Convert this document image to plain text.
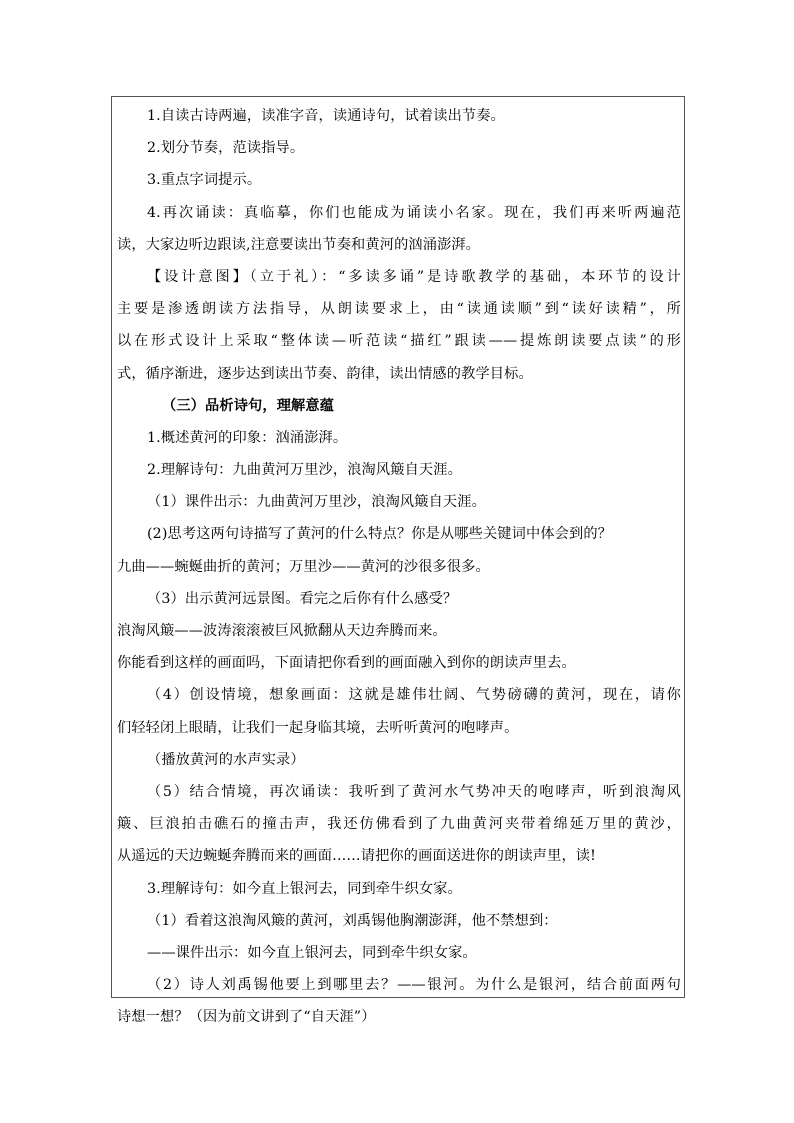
1.自读古诗两遍，读准字音，读通诗句，试着读出节奏。
2.划分节奏，范读指导。
3.重点字词提示。
4.再次诵读：真临摹，你们也能成为诵读小名家。现在，我们再来听两遍范
读，大家边听边跟读,注意要读出节奏和黄河的汹涌澎湃。
【设计意图】（立于礼）：“多读多诵”是诗歌教学的基础，本环节的设计
主要是渗透朗读方法指导，从朗读要求上，由“读通读顺”到“读好读精”，所
以在形式设计上采取“整体读—听范读“描红”跟读——提炼朗读要点读”的形
式，循序渐进，逐步达到读出节奏、韵律，读出情感的教学目标。
（三）品析诗句，理解意蕴
1.概述黄河的印象：汹涌澎湃。
2.理解诗句：九曲黄河万里沙，浪淘风簸自天涯。
（1）课件出示：九曲黄河万里沙，浪淘风簸自天涯。
(2)思考这两句诗描写了黄河的什么特点？你是从哪些关键词中体会到的？
九曲——蜿蜒曲折的黄河；万里沙——黄河的沙很多很多。
（3）出示黄河远景图。看完之后你有什么感受？
浪淘风簸——波涛滚滚被巨风掀翻从天边奔腾而来。
你能看到这样的画面吗，下面请把你看到的画面融入到你的朗读声里去。
（4）创设情境，想象画面：这就是雄伟壮阔、气势磅礴的黄河，现在，请你
们轻轻闭上眼睛，让我们一起身临其境，去听听黄河的咆哮声。
（播放黄河的水声实录）
（5）结合情境，再次诵读：我听到了黄河水气势冲天的咆哮声，听到浪淘风
簸、巨浪拍击礁石的撞击声，我还仿佛看到了九曲黄河夹带着绵延万里的黄沙，
从遥远的天边蜿蜒奔腾而来的画面……请把你的画面送进你的朗读声里，读!
3.理解诗句：如今直上银河去，同到牵牛织女家。
（1）看着这浪淘风簸的黄河，刘禹锡他胸潮澎湃，他不禁想到：
——课件出示：如今直上银河去，同到牵牛织女家。
（2）诗人刘禹锡他要上到哪里去？——银河。为什么是银河，结合前面两句
诗想一想？（因为前文讲到了“自天涯”）
